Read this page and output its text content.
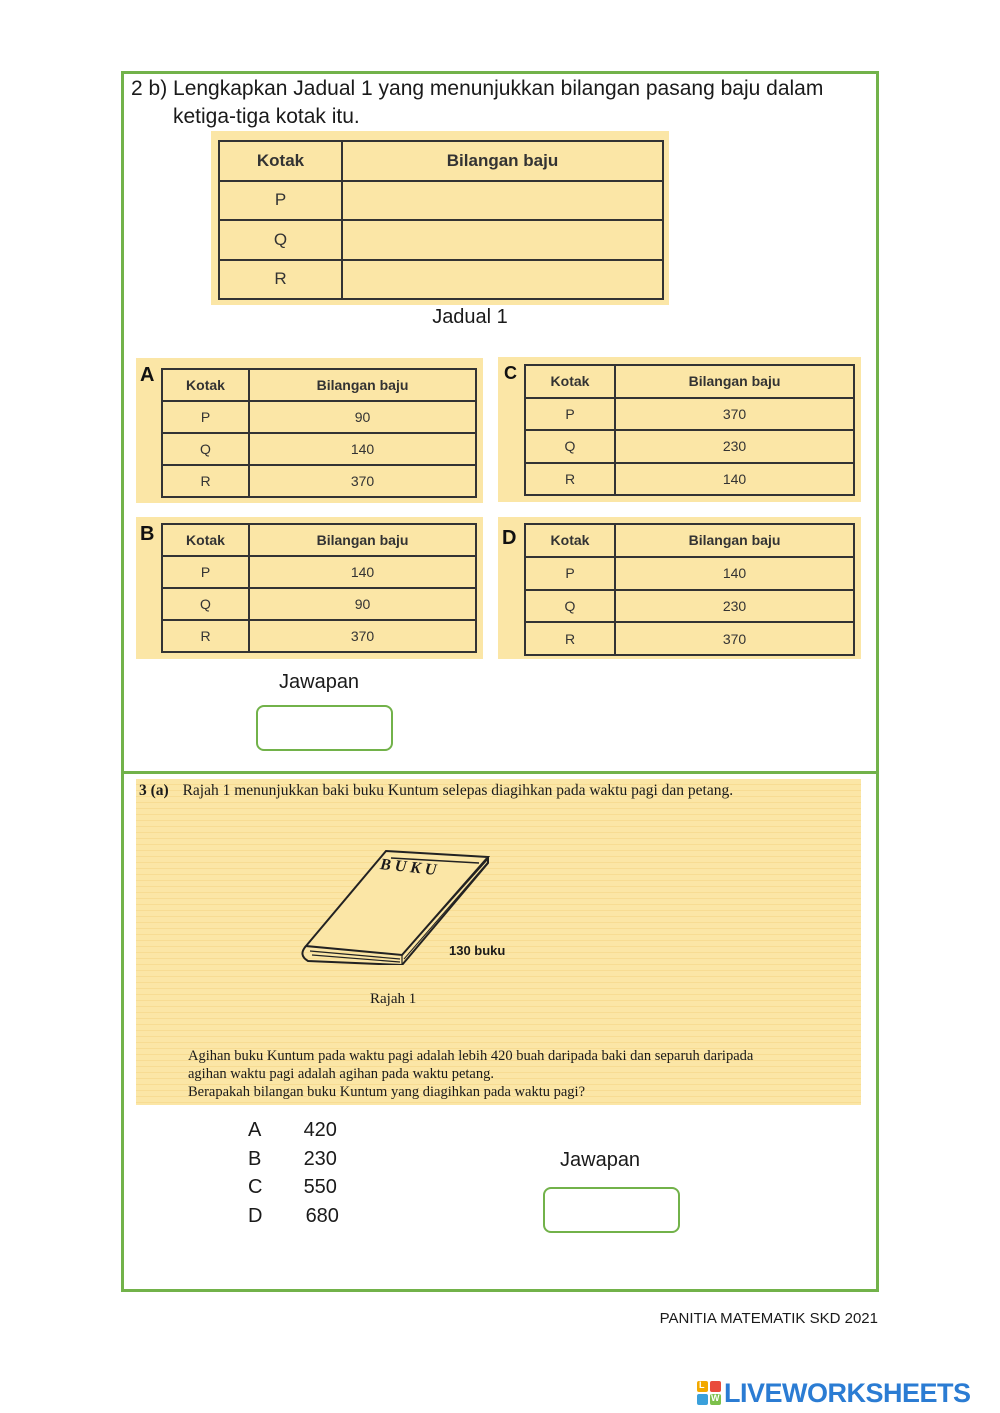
2 b) Lengkapkan Jadual 1 yang menunjukkan bilangan pasang baju dalam
ketiga-tiga kotak itu.
Kotak	Bilangan baju
P	
Q	
R	
Jadual 1
A Kotak	Bilangan baju
P	90
Q	140
R	370
C Kotak	Bilangan baju
P	370
Q	230
R	140
B Kotak	Bilangan baju
P	140
Q	90
R	370
D Kotak	Bilangan baju
P	140
Q	230
R	370
Jawapan
3 (a) Rajah 1 menunjukkan baki buku Kuntum selepas diagihkan pada waktu pagi dan petang.
B U K U
130 buku
Rajah 1
Agihan buku Kuntum pada waktu pagi adalah lebih 420 buah daripada baki dan separuh daripada
agihan waktu pagi adalah agihan pada waktu petang.
Berapakah bilangan buku Kuntum yang diagihkan pada waktu pagi?
A 420
B 230
C 550
D 680
Jawapan
PANITIA MATEMATIK SKD 2021
L
W LIVEWORKSHEETS
